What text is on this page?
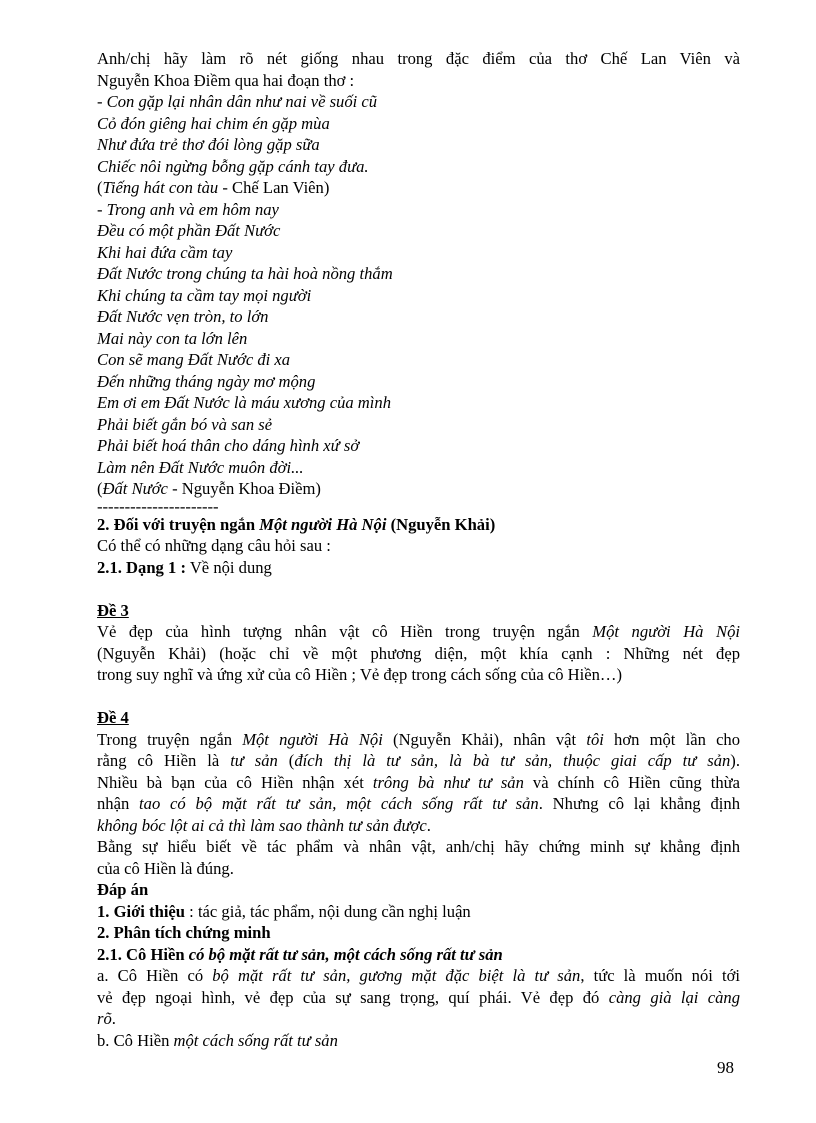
Anh/chị hãy làm rõ nét giống nhau trong đặc điểm của thơ Chế Lan Viên và
Nguyễn Khoa Điềm qua hai đoạn thơ :
- Con gặp lại nhân dân như nai về suối cũ
Cỏ đón giêng hai chim én gặp mùa
Như đứa trẻ thơ đói lòng gặp sữa
Chiếc nôi ngừng bỗng gặp cánh tay đưa.
(Tiếng hát con tàu - Chế Lan Viên)
- Trong anh và em hôm nay
Đều có một phần Đất Nước
Khi hai đứa cầm tay
Đất Nước trong chúng ta hài hoà nồng thắm
Khi chúng ta cầm tay mọi người
Đất Nước vẹn tròn, to lớn
Mai này con ta lớn lên
Con sẽ mang Đất Nước đi xa
Đến những tháng ngày mơ mộng
Em ơi em Đất Nước là máu xương của mình
Phải biết gắn bó và san sẻ
Phải biết hoá thân cho dáng hình xứ sở
Làm nên Đất Nước muôn đời...
(Đất Nước - Nguyễn Khoa Điềm)
----------------------
2. Đối với truyện ngắn Một người Hà Nội (Nguyễn Khải)
Có thể có những dạng câu hỏi sau :
2.1. Dạng 1 : Về nội dung
Đề 3
Vẻ đẹp của hình tượng nhân vật cô Hiền trong truyện ngắn Một người Hà Nội
(Nguyễn Khải) (hoặc chỉ về một phương diện, một khía cạnh : Những nét đẹp
trong suy nghĩ và ứng xử của cô Hiền ; Vẻ đẹp trong cách sống của cô Hiền…)
Đề 4
Trong truyện ngắn Một người Hà Nội (Nguyễn Khải), nhân vật tôi hơn một lần cho
rằng cô Hiền là tư sản (đích thị là tư sản, là bà tư sản, thuộc giai cấp tư sản).
Nhiều bà bạn của cô Hiền nhận xét trông bà như tư sản và chính cô Hiền cũng thừa
nhận tao có bộ mặt rất tư sản, một cách sống rất tư sản. Nhưng cô lại khẳng định
không bóc lột ai cả thì làm sao thành tư sản được.
Bằng sự hiểu biết về tác phẩm và nhân vật, anh/chị hãy chứng minh sự khẳng định
của cô Hiền là đúng.
Đáp án
1. Giới thiệu : tác giả, tác phẩm, nội dung cần nghị luận
2. Phân tích chứng minh
2.1. Cô Hiền có bộ mặt rất tư sản, một cách sống rất tư sản
a. Cô Hiền có bộ mặt rất tư sản, gương mặt đặc biệt là tư sản, tức là muốn nói tới
vẻ đẹp ngoại hình, vẻ đẹp của sự sang trọng, quí phái. Vẻ đẹp đó càng già lại càng
rõ.
b. Cô Hiền một cách sống rất tư sản
98
